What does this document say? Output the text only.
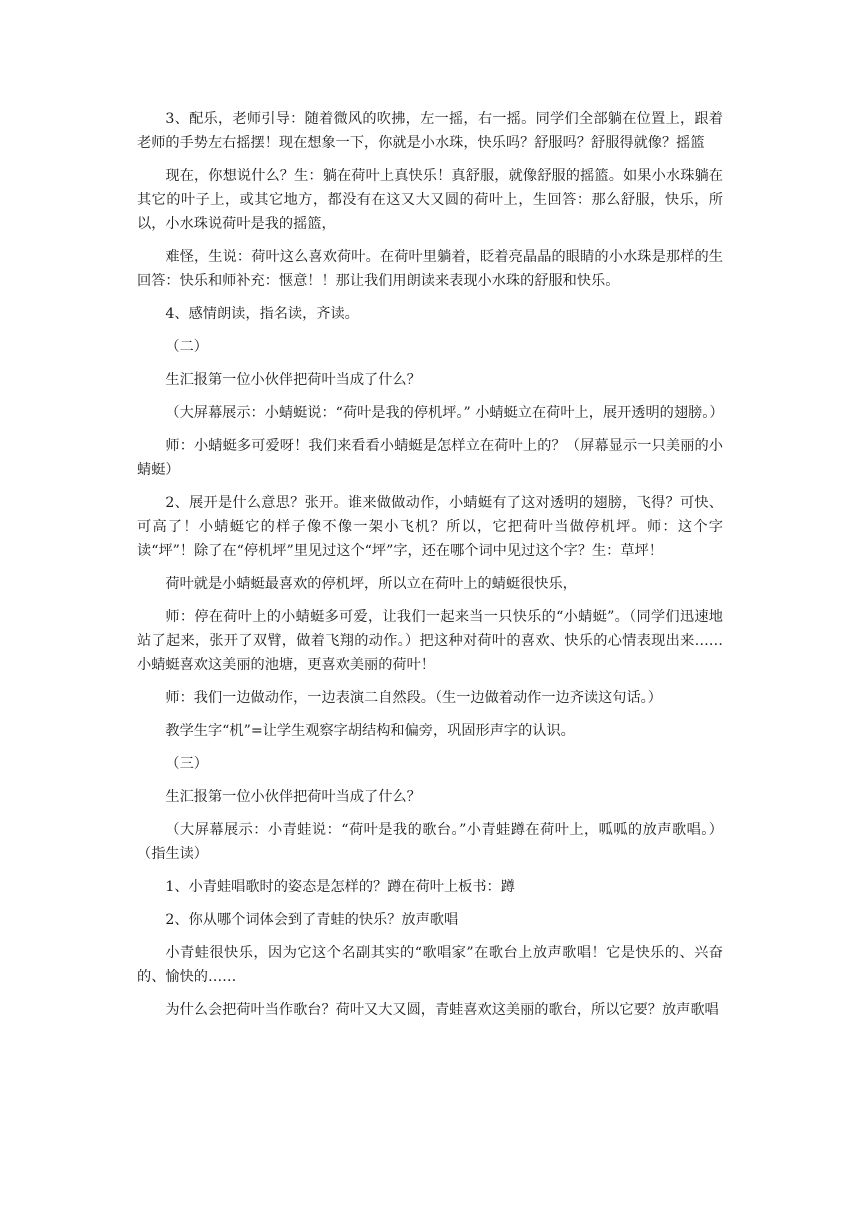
3、配乐，老师引导：随着微风的吹拂，左一摇，右一摇。同学们全部躺在位置上，跟着老师的手势左右摇摆！现在想象一下，你就是小水珠，快乐吗？舒服吗？舒服得就像？摇篮

现在，你想说什么？生：躺在荷叶上真快乐！真舒服，就像舒服的摇篮。如果小水珠躺在其它的叶子上，或其它地方，都没有在这又大又圆的荷叶上，生回答：那么舒服，快乐，所以，小水珠说荷叶是我的摇篮，

难怪，生说：荷叶这么喜欢荷叶。在荷叶里躺着，眨着亮晶晶的眼睛的小水珠是那样的生回答：快乐和师补充：惬意！！那让我们用朗读来表现小水珠的舒服和快乐。

4、感情朗读，指名读，齐读。

（二）

生汇报第一位小伙伴把荷叶当成了什么？

（大屏幕展示：小蜻蜓说：“荷叶是我的停机坪。” 小蜻蜓立在荷叶上，展开透明的翅膀。）

师：小蜻蜓多可爱呀！我们来看看小蜻蜓是怎样立在荷叶上的？（屏幕显示一只美丽的小蜻蜓）

2、展开是什么意思？张开。谁来做做动作，小蜻蜓有了这对透明的翅膀，飞得？可快、可高了！小蜻蜓它的样子像不像一架小飞机？所以，它把荷叶当做停机坪。师：这个字读“坪”！除了在“停机坪”里见过这个“坪”字，还在哪个词中见过这个字？生：草坪！

荷叶就是小蜻蜓最喜欢的停机坪，所以立在荷叶上的蜻蜓很快乐，

师：停在荷叶上的小蜻蜓多可爱，让我们一起来当一只快乐的“小蜻蜓”。（同学们迅速地站了起来，张开了双臂，做着飞翔的动作。）把这种对荷叶的喜欢、快乐的心情表现出来……小蜻蜓喜欢这美丽的池塘，更喜欢美丽的荷叶！

师：我们一边做动作，一边表演二自然段。（生一边做着动作一边齐读这句话。）

教学生字“机”=让学生观察字胡结构和偏旁，巩固形声字的认识。

（三）

生汇报第一位小伙伴把荷叶当成了什么？

（大屏幕展示：小青蛙说：“荷叶是我的歌台。”小青蛙蹲在荷叶上，呱呱的放声歌唱。）（指生读）

1、小青蛙唱歌时的姿态是怎样的？蹲在荷叶上板书：蹲

2、你从哪个词体会到了青蛙的快乐？放声歌唱

小青蛙很快乐，因为它这个名副其实的“歌唱家”在歌台上放声歌唱！它是快乐的、兴奋的、愉快的……

为什么会把荷叶当作歌台？荷叶又大又圆，青蛙喜欢这美丽的歌台，所以它要？放声歌唱
